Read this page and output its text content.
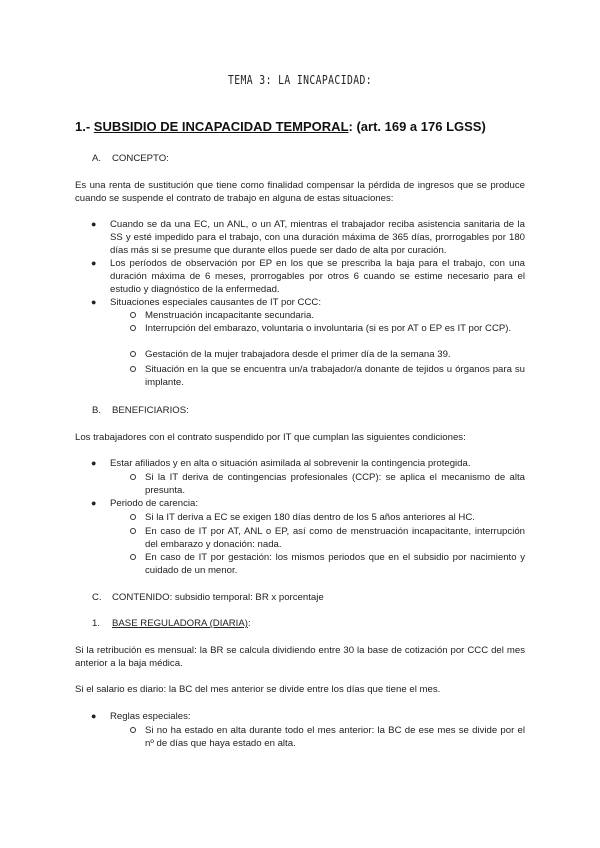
TEMA 3: LA INCAPACIDAD:
1.- SUBSIDIO DE INCAPACIDAD TEMPORAL: (art. 169 a 176 LGSS)
A. CONCEPTO:
Es una renta de sustitución que tiene como finalidad compensar la pérdida de ingresos que se produce cuando se suspende el contrato de trabajo en alguna de estas situaciones:
● Cuando se da una EC, un ANL, o un AT, mientras el trabajador reciba asistencia sanitaria de la SS y esté impedido para el trabajo, con una duración máxima de 365 días, prorrogables por 180 días más si se presume que durante ellos puede ser dado de alta por curación.
● Los períodos de observación por EP en los que se prescriba la baja para el trabajo, con una duración máxima de 6 meses, prorrogables por otros 6 cuando se estime necesario para el estudio y diagnóstico de la enfermedad.
● Situaciones especiales causantes de IT por CCC:
Menstruación incapacitante secundaria.
Interrupción del embarazo, voluntaria o involuntaria (si es por AT o EP es IT por CCP).
Gestación de la mujer trabajadora desde el primer día de la semana 39.
Situación en la que se encuentra un/a trabajador/a donante de tejidos u órganos para su implante.
B. BENEFICIARIOS:
Los trabajadores con el contrato suspendido por IT que cumplan las siguientes condiciones:
● Estar afiliados y en alta o situación asimilada al sobrevenir la contingencia protegida.
Si la IT deriva de contingencias profesionales (CCP): se aplica el mecanismo de alta presunta.
● Periodo de carencia:
Si la IT deriva a EC se exigen 180 días dentro de los 5 años anteriores al HC.
En caso de IT por AT, ANL o EP, así como de menstruación incapacitante, interrupción del embarazo y donación: nada.
En caso de IT por gestación: los mismos periodos que en el subsidio por nacimiento y cuidado de un menor.
C. CONTENIDO: subsidio temporal: BR x porcentaje
1. BASE REGULADORA (DIARIA):
Si la retribución es mensual: la BR se calcula dividiendo entre 30 la base de cotización por CCC del mes anterior a la baja médica.
Si el salario es diario: la BC del mes anterior se divide entre los días que tiene el mes.
● Reglas especiales:
Si no ha estado en alta durante todo el mes anterior: la BC de ese mes se divide por el nº de días que haya estado en alta.
